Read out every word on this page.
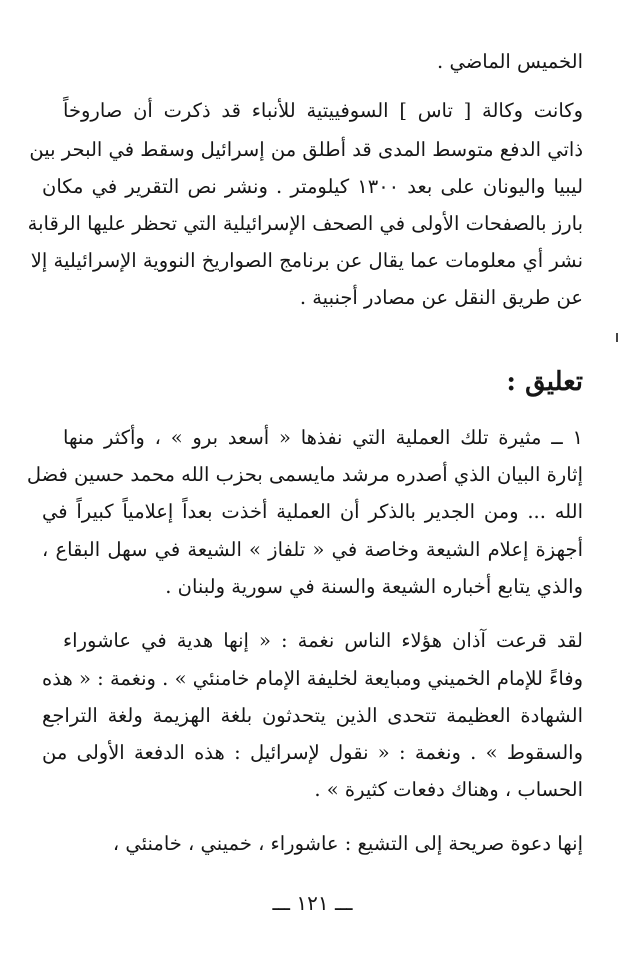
الخميس الماضي .
وكانت وكالة [ تاس ] السوفييتية للأنباء قد ذكرت أن صاروخاً
ذاتي الدفع متوسط المدى قد أطلق من إسرائيل وسقط في البحر بين
ليبيا واليونان على بعد ١٣٠٠ كيلومتر . ونشر نص التقرير في مكان
بارز بالصفحات الأولى في الصحف الإسرائيلية التي تحظر عليها الرقابة
نشر أي معلومات عما يقال عن برنامج الصواريخ النووية الإسرائيلية إلا
عن طريق النقل عن مصادر أجنبية .
تعليق :
١ ــ مثيرة تلك العملية التي نفذها « أسعد برو » ، وأكثر منها
إثارة البيان الذي أصدره مرشد مايسمى بحزب الله محمد حسين فضل
الله ... ومن الجدير بالذكر أن العملية أخذت بعداً إعلامياً كبيراً في
أجهزة إعلام الشيعة وخاصة في « تلفاز » الشيعة في سهل البقاع ،
والذي يتابع أخباره الشيعة والسنة في سورية ولبنان .
لقد قرعت آذان هؤلاء الناس نغمة : « إنها هدية في عاشوراء
وفاءً للإمام الخميني ومبايعة لخليفة الإمام خامنئي » . ونغمة : « هذه
الشهادة العظيمة تتحدى الذين يتحدثون بلغة الهزيمة ولغة التراجع
والسقوط » . ونغمة : « نقول لإسرائيل : هذه الدفعة الأولى من
الحساب ، وهناك دفعات كثيرة » .
إنها دعوة صريحة إلى التشيع : عاشوراء ، خميني ، خامنئي ،
ـــ ١٢١ ـــ
